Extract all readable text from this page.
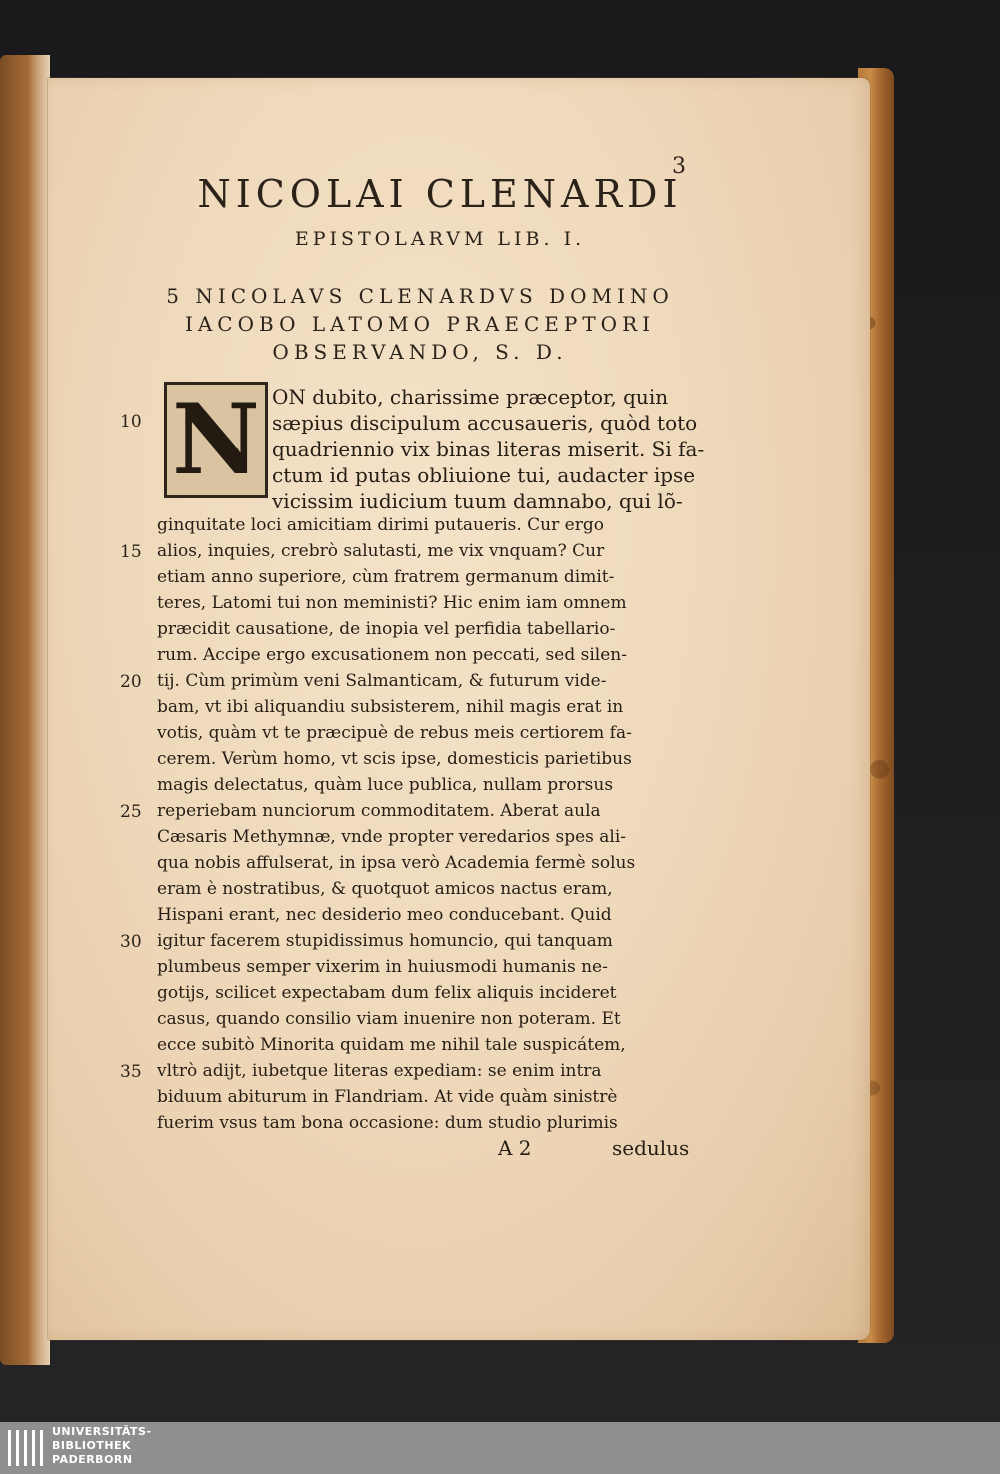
3
NICOLAI CLENARDI
EPISTOLARVM LIB. I.
5 NICOLAVS CLENARDVS DOMINO
IACOBO LATOMO PRAECEPTORI
OBSERVANDO, S. D.
N ON dubito, charissime præceptor, quin
sæpius discipulum accusaueris, quòd toto
quadriennio vix binas literas miserit. Si fa-
ctum id putas obliuione tui, audacter ipse
vicissim iudicium tuum damnabo, qui lõ-
ginquitate loci amicitiam dirimi putaueris. Cur ergo
alios, inquies, crebrò salutasti, me vix vnquam? Cur
etiam anno superiore, cùm fratrem germanum dimit-
teres, Latomi tui non meministi? Hic enim iam omnem
præcidit causatione, de inopia vel perfidia tabellario-
rum. Accipe ergo excusationem non peccati, sed silen-
tij. Cùm primùm veni Salmanticam, & futurum vide-
bam, vt ibi aliquandiu subsisterem, nihil magis erat in
votis, quàm vt te præcipuè de rebus meis certiorem fa-
cerem. Verùm homo, vt scis ipse, domesticis parietibus
magis delectatus, quàm luce publica, nullam prorsus
reperiebam nunciorum commoditatem. Aberat aula
Cæsaris Methymnæ, vnde propter veredarios spes ali-
qua nobis affulserat, in ipsa verò Academia fermè solus
eram è nostratibus, & quotquot amicos nactus eram,
Hispani erant, nec desiderio meo conducebant. Quid
igitur facerem stupidissimus homuncio, qui tanquam
plumbeus semper vixerim in huiusmodi humanis ne-
gotijs, scilicet expectabam dum felix aliquis incideret
casus, quando consilio viam inuenire non poteram. Et
ecce subitò Minorita quidam me nihil tale suspicátem,
vltrò adijt, iubetque literas expediam: se enim intra
biduum abiturum in Flandriam. At vide quàm sinistrè
fuerim vsus tam bona occasione: dum studio plurimis
10
15
20
25
30
35
A 2	sedulus
UNIVERSITÄTS-
BIBLIOTHEK
PADERBORN
